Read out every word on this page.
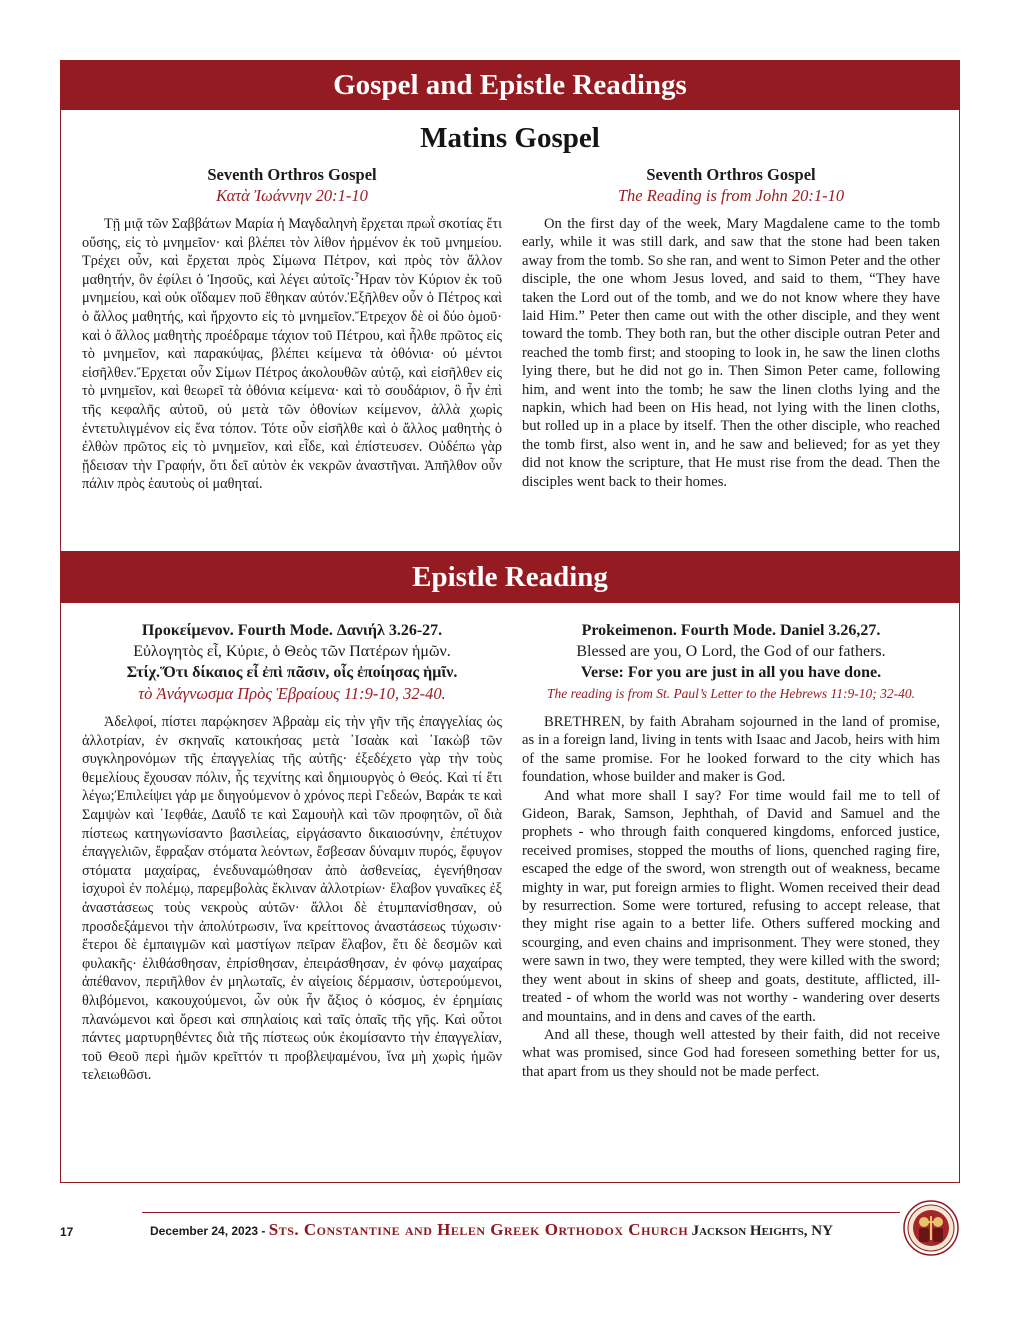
Gospel and Epistle Readings
Matins Gospel
Seventh Orthros Gospel
Κατὰ Ἰωάννην 20:1-10

Τῇ μιᾷ τῶν Σαββάτων Μαρία ἡ Μαγδαληνὴ ἔρχεται πρωῒ σκοτίας ἔτι οὔσης, εἰς τὸ μνημεῖον· καὶ βλέπει τὸν λίθον ἠρμένον ἐκ τοῦ μνημείου. Τρέχει οὖν, καὶ ἔρχεται πρὸς Σίμωνα Πέτρον, καὶ πρὸς τὸν ἄλλον μαθητήν, ὃν ἐφίλει ὁ Ἰησοῦς, καὶ λέγει αὐτοῖς·Ἦραν τὸν Κύριον ἐκ τοῦ μνημείου, καὶ οὐκ οἴδαμεν ποῦ ἔθηκαν αὐτόν.Ἐξῆλθεν οὖν ὁ Πέτρος καὶ ὁ ἄλλος μαθητής, καὶ ἤρχοντο εἰς τὸ μνημεῖον.Ἔτρεχον δὲ οἱ δύο ὁμοῦ· καὶ ὁ ἄλλος μαθητὴς προέδραμε τάχιον τοῦ Πέτρου, καὶ ἦλθε πρῶτος εἰς τὸ μνημεῖον, καὶ παρακύψας, βλέπει κείμενα τὰ ὀθόνια· οὐ μέντοι εἰσῆλθεν.Ἔρχεται οὖν Σίμων Πέτρος ἀκολουθῶν αὐτῷ, καὶ εἰσῆλθεν εἰς τὸ μνημεῖον, καὶ θεωρεῖ τὰ ὀθόνια κείμενα· καὶ τὸ σουδάριον, ὃ ἦν ἐπὶ τῆς κεφαλῆς αὐτοῦ, οὐ μετὰ τῶν ὀθονίων κείμενον, ἀλλὰ χωρὶς ἐντετυλιγμένον εἰς ἕνα τόπον. Τότε οὖν εἰσῆλθε καὶ ὁ ἄλλος μαθητὴς ὁ ἐλθὼν πρῶτος εἰς τὸ μνημεῖον, καὶ εἶδε, καὶ ἐπίστευσεν. Οὐδέπω γὰρ ᾔδεισαν τὴν Γραφήν, ὅτι δεῖ αὐτὸν ἐκ νεκρῶν ἀναστῆναι. Ἀπῆλθον οὖν πάλιν πρὸς ἑαυτοὺς οἱ μαθηταί.

Seventh Orthros Gospel
The Reading is from John 20:1-10

On the first day of the week, Mary Magdalene came to the tomb early, while it was still dark, and saw that the stone had been taken away from the tomb. So she ran, and went to Simon Peter and the other disciple, the one whom Jesus loved, and said to them, “They have taken the Lord out of the tomb, and we do not know where they have laid Him.” Peter then came out with the other disciple, and they went toward the tomb. They both ran, but the other disciple outran Peter and reached the tomb first; and stooping to look in, he saw the linen cloths lying there, but he did not go in. Then Simon Peter came, following him, and went into the tomb; he saw the linen cloths lying and the napkin, which had been on His head, not lying with the linen cloths, but rolled up in a place by itself. Then the other disciple, who reached the tomb first, also went in, and he saw and believed; for as yet they did not know the scripture, that He must rise from the dead. Then the disciples went back to their homes.

Epistle Reading
Προκείμενον. Fourth Mode. Δανιήλ 3.26-27.
Εὐλογητὸς εἶ, Κύριε, ὁ Θεὸς τῶν Πατέρων ἡμῶν.
Στίχ.Ὅτι δίκαιος εἶ ἐπὶ πᾶσιν, οἷς ἐποίησας ἡμῖν.
τὸ Ἀνάγνωσμα Πρὸς Ἑβραίους 11:9-10, 32-40.

Ἀδελφοί, πίστει παρῴκησεν Ἀβραὰμ εἰς τὴν γῆν τῆς ἐπαγγελίας ὡς ἀλλοτρίαν, ἐν σκηναῖς κατοικήσας μετὰ ᾿Ισαὰκ καὶ ᾿Ιακὼβ τῶν συγκληρονόμων τῆς ἐπαγγελίας τῆς αὐτῆς· ἐξεδέχετο γὰρ τὴν τοὺς θεμελίους ἔχουσαν πόλιν, ἧς τεχνίτης καὶ δημιουργὸς ὁ Θεός. Καὶ τί ἔτι λέγω;Ἐπιλείψει γάρ με διηγούμενον ὁ χρόνος περὶ Γεδεών, Βαράκ τε καὶ Σαμψὼν καὶ ᾿Ιεφθάε, Δαυΐδ τε καὶ Σαμουὴλ καὶ τῶν προφητῶν, οἳ διὰ πίστεως κατηγωνίσαντο βασιλείας, εἰργάσαντο δικαιοσύνην, ἐπέτυχον ἐπαγγελιῶν, ἔφραξαν στόματα λεόντων, ἔσβεσαν δύναμιν πυρός, ἔφυγον στόματα μαχαίρας, ἐνεδυναμώθησαν ἀπὸ ἀσθενείας, ἐγενήθησαν ἰσχυροὶ ἐν πολέμῳ, παρεμβολὰς ἔκλιναν ἀλλοτρίων· ἔλαβον γυναῖκες ἐξ ἀναστάσεως τοὺς νεκροὺς αὐτῶν· ἄλλοι δὲ ἐτυμπανίσθησαν, οὐ προσδεξάμενοι τὴν ἀπολύτρωσιν, ἵνα κρείττονος ἀναστάσεως τύχωσιν· ἕτεροι δὲ ἐμπαιγμῶν καὶ μαστίγων πεῖραν ἔλαβον, ἔτι δὲ δεσμῶν καὶ φυλακῆς· ἐλιθάσθησαν, ἐπρίσθησαν, ἐπειράσθησαν, ἐν φόνῳ μαχαίρας ἀπέθανον, περιῆλθον ἐν μηλωταῖς, ἐν αἰγείοις δέρμασιν, ὑστερούμενοι, θλιβόμενοι, κακουχούμενοι, ὧν οὐκ ἦν ἄξιος ὁ κόσμος, ἐν ἐρημίαις πλανώμενοι καὶ ὄρεσι καὶ σπηλαίοις καὶ ταῖς ὀπαῖς τῆς γῆς. Καὶ οὗτοι πάντες μαρτυρηθέντες διὰ τῆς πίστεως οὐκ ἐκομίσαντο τὴν ἐπαγγελίαν, τοῦ Θεοῦ περὶ ἡμῶν κρεῖττόν τι προβλεψαμένου, ἵνα μὴ χωρὶς ἡμῶν τελειωθῶσι.

Prokeimenon. Fourth Mode. Daniel 3.26,27.
Blessed are you, O Lord, the God of our fathers.
Verse: For you are just in all you have done.
The reading is from St. Paul’s Letter to the Hebrews 11:9-10; 32-40.

BRETHREN, by faith Abraham sojourned in the land of promise, as in a foreign land, living in tents with Isaac and Jacob, heirs with him of the same promise. For he looked forward to the city which has foundation, whose builder and maker is God.

And what more shall I say? For time would fail me to tell of Gideon, Barak, Samson, Jephthah, of David and Samuel and the prophets - who through faith conquered kingdoms, enforced justice, received promises, stopped the mouths of lions, quenched raging fire, escaped the edge of the sword, won strength out of weakness, became mighty in war, put foreign armies to flight. Women received their dead by resurrection. Some were tortured, refusing to accept release, that they might rise again to a better life. Others suffered mocking and scourging, and even chains and imprisonment. They were stoned, they were sawn in two, they were tempted, they were killed with the sword; they went about in skins of sheep and goats, destitute, afflicted, ill-treated - of whom the world was not worthy - wandering over deserts and mountains, and in dens and caves of the earth.

And all these, though well attested by their faith, did not receive what was promised, since God had foreseen something better for us, that apart from us they should not be made perfect.

17	December 24, 2023 - Sts. Constantine and Helen Greek Orthodox Church Jackson Heights, NY
